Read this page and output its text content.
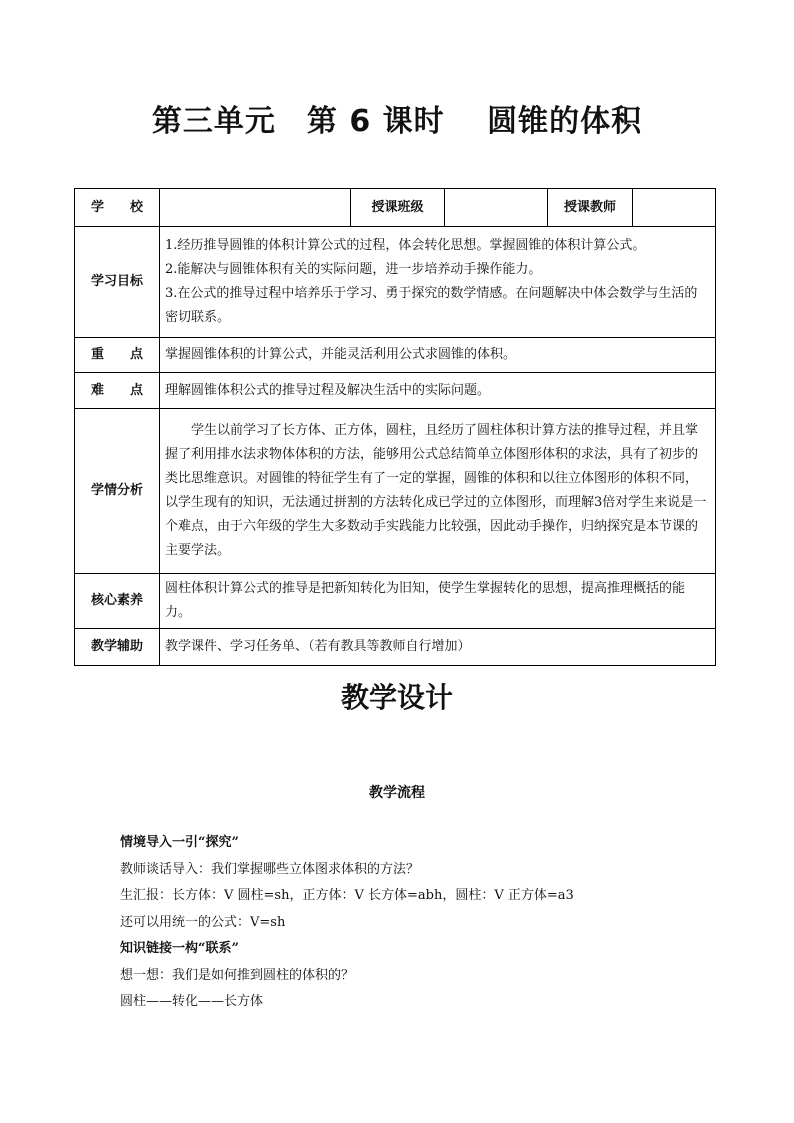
第三单元　第 6 课时　 圆锥的体积
学　　校		授课班级		授课教师	
学习目标	1.经历推导圆锥的体积计算公式的过程，体会转化思想。掌握圆锥的体积计算公式。
2.能解决与圆锥体积有关的实际问题，进一步培养动手操作能力。
3.在公式的推导过程中培养乐于学习、勇于探究的数学情感。在问题解决中体会数学与生活的密切联系。				

重　　点	掌握圆锥体积的计算公式，并能灵活利用公式求圆锥的体积。				
难　　点	理解圆锥体积公式的推导过程及解决生活中的实际问题。				
学情分析	学生以前学习了长方体、正方体，圆柱，且经历了圆柱体积计算方法的推导过程，并且掌握了利用排水法求物体体积的方法，能够用公式总结简单立体图形体积的求法，具有了初步的类比思维意识。对圆锥的特征学生有了一定的掌握，圆锥的体积和以往立体图形的体积不同，以学生现有的知识，无法通过拼割的方法转化成已学过的立体图形，而理解3倍对学生来说是一个难点，由于六年级的学生大多数动手实践能力比较强，因此动手操作，归纳探究是本节课的主要学法。				

核心素养	圆柱体积计算公式的推导是把新知转化为旧知，使学生掌握转化的思想，提高推理概括的能力。				
教学辅助	教学课件、学习任务单、（若有教具等教师自行增加）				
教学设计
教学流程
情境导入一引“探究”
教师谈话导入：我们掌握哪些立体图求体积的方法？
生汇报：长方体：V 圆柱=sh，正方体：V 长方体=abh，圆柱：V 正方体=a3
还可以用统一的公式：V=sh
知识链接一构“联系”
想一想：我们是如何推到圆柱的体积的？
圆柱——转化——长方体
